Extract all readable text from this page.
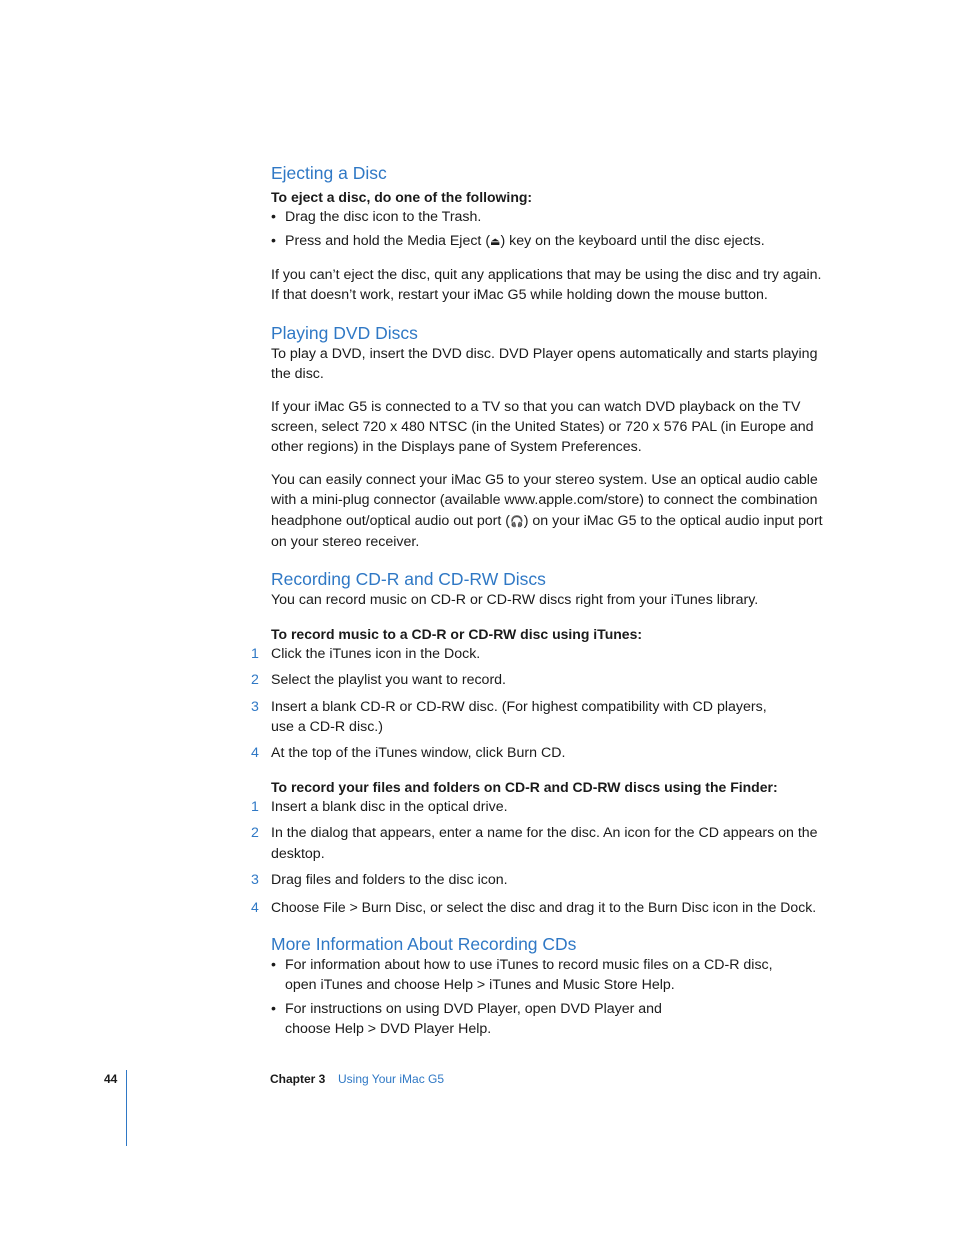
Ejecting a Disc

To eject a disc, do one of the following:

• Drag the disc icon to the Trash.
• Press and hold the Media Eject (⏏) key on the keyboard until the disc ejects.

If you can’t eject the disc, quit any applications that may be using the disc and try again. If that doesn’t work, restart your iMac G5 while holding down the mouse button.

Playing DVD Discs

To play a DVD, insert the DVD disc. DVD Player opens automatically and starts playing the disc.

If your iMac G5 is connected to a TV so that you can watch DVD playback on the TV screen, select 720 x 480 NTSC (in the United States) or 720 x 576 PAL (in Europe and other regions) in the Displays pane of System Preferences.

You can easily connect your iMac G5 to your stereo system. Use an optical audio cable with a mini-plug connector (available www.apple.com/store) to connect the combination headphone out/optical audio out port (🎧) on your iMac G5 to the optical audio input port on your stereo receiver.

Recording CD-R and CD-RW Discs

You can record music on CD-R or CD-RW discs right from your iTunes library.

To record music to a CD-R or CD-RW disc using iTunes:

1 Click the iTunes icon in the Dock.
2 Select the playlist you want to record.
3 Insert a blank CD-R or CD-RW disc. (For highest compatibility with CD players, use a CD-R disc.)
4 At the top of the iTunes window, click Burn CD.

To record your files and folders on CD-R and CD-RW discs using the Finder:

1 Insert a blank disc in the optical drive.
2 In the dialog that appears, enter a name for the disc. An icon for the CD appears on the desktop.
3 Drag files and folders to the disc icon.
4 Choose File > Burn Disc, or select the disc and drag it to the Burn Disc icon in the Dock.
More Information About Recording CDs
• For information about how to use iTunes to record music files on a CD-R disc, open iTunes and choose Help > iTunes and Music Store Help.
• For instructions on using DVD Player, open DVD Player and choose Help > DVD Player Help.
44	Chapter 3 Using Your iMac G5
